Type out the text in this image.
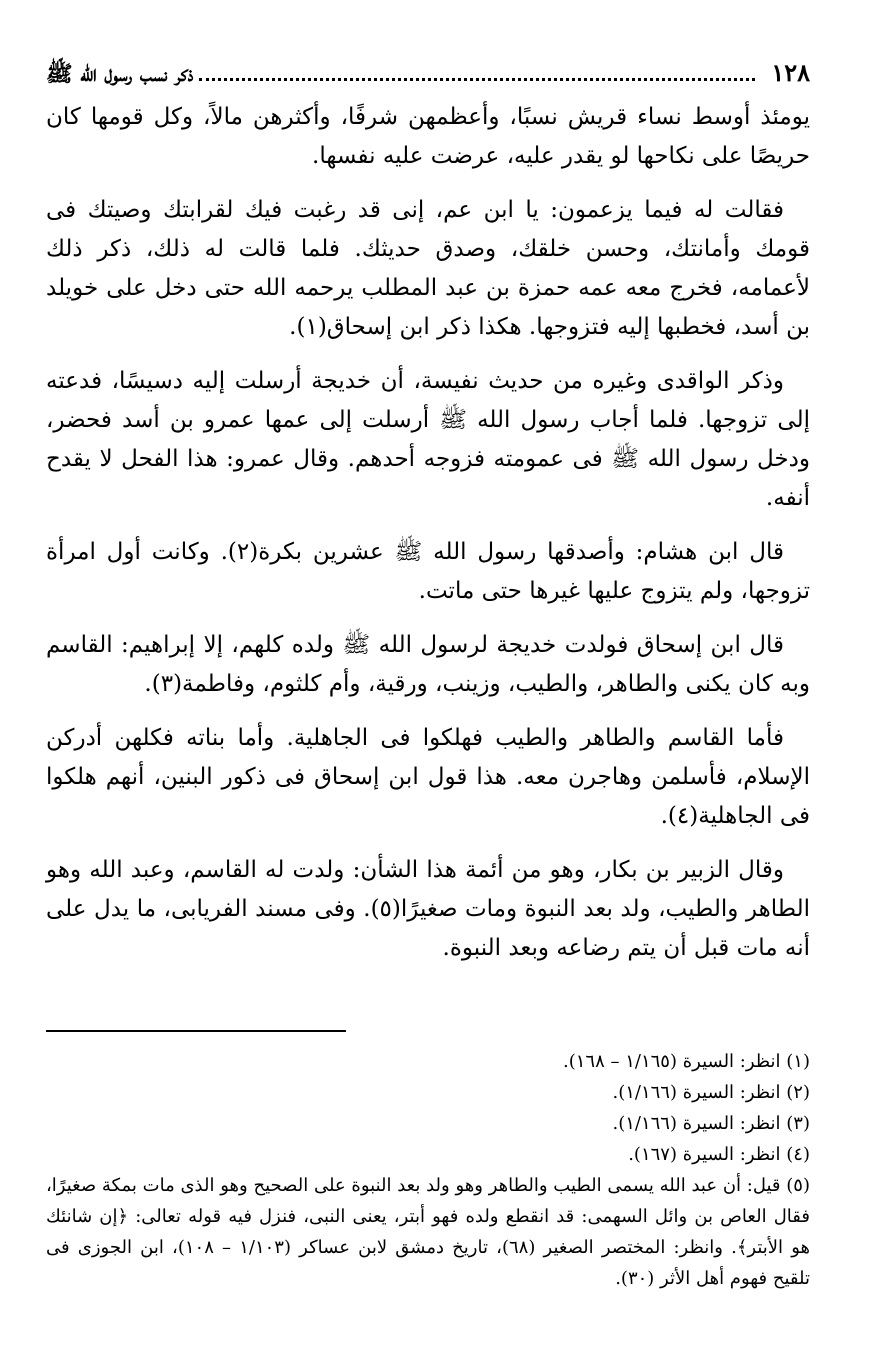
١٢٨
ذكر نسب رسول الله ﷺ

يومئذ أوسط نساء قريش نسبًا، وأعظمهن شرفًا، وأكثرهن مالاً، وكل قومها كان حريصًا على نكاحها لو يقدر عليه، عرضت عليه نفسها.

فقالت له فيما يزعمون: يا ابن عم، إنى قد رغبت فيك لقرابتك وصيتك فى قومك وأمانتك، وحسن خلقك، وصدق حديثك. فلما قالت له ذلك، ذكر ذلك لأعمامه، فخرج معه عمه حمزة بن عبد المطلب يرحمه الله حتى دخل على خويلد بن أسد، فخطبها إليه فتزوجها. هكذا ذكر ابن إسحاق(١).

وذكر الواقدى وغيره من حديث نفيسة، أن خديجة أرسلت إليه دسيسًا، فدعته إلى تزوجها. فلما أجاب رسول الله ﷺ أرسلت إلى عمها عمرو بن أسد فحضر، ودخل رسول الله ﷺ فى عمومته فزوجه أحدهم. وقال عمرو: هذا الفحل لا يقدح أنفه.

قال ابن هشام: وأصدقها رسول الله ﷺ عشرين بكرة(٢). وكانت أول امرأة تزوجها، ولم يتزوج عليها غيرها حتى ماتت.

قال ابن إسحاق فولدت خديجة لرسول الله ﷺ ولده كلهم، إلا إبراهيم: القاسم وبه كان يكنى والطاهر، والطيب، وزينب، ورقية، وأم كلثوم، وفاطمة(٣).

فأما القاسم والطاهر والطيب فهلكوا فى الجاهلية. وأما بناته فكلهن أدركن الإسلام، فأسلمن وهاجرن معه. هذا قول ابن إسحاق فى ذكور البنين، أنهم هلكوا فى الجاهلية(٤).

وقال الزبير بن بكار، وهو من أئمة هذا الشأن: ولدت له القاسم، وعبد الله وهو الطاهر والطيب، ولد بعد النبوة ومات صغيرًا(٥). وفى مسند الفريابى، ما يدل على أنه مات قبل أن يتم رضاعه وبعد النبوة.

(١) انظر: السيرة (١/١٦٥ – ١٦٨).

(٢) انظر: السيرة (١/١٦٦).

(٣) انظر: السيرة (١/١٦٦).

(٤) انظر: السيرة (١٦٧).

(٥) قيل: أن عبد الله يسمى الطيب والطاهر وهو ولد بعد النبوة على الصحيح وهو الذى مات بمكة صغيرًا، فقال العاص بن وائل السهمى: قد انقطع ولده فهو أبتر، يعنى النبى، فنزل فيه قوله تعالى: ﴿إن شانئك هو الأبتر﴾. وانظر: المختصر الصغير (٦٨)، تاريخ دمشق لابن عساكر (١/١٠٣ – ١٠٨)، ابن الجوزى فى تلقيح فهوم أهل الأثر (٣٠).
